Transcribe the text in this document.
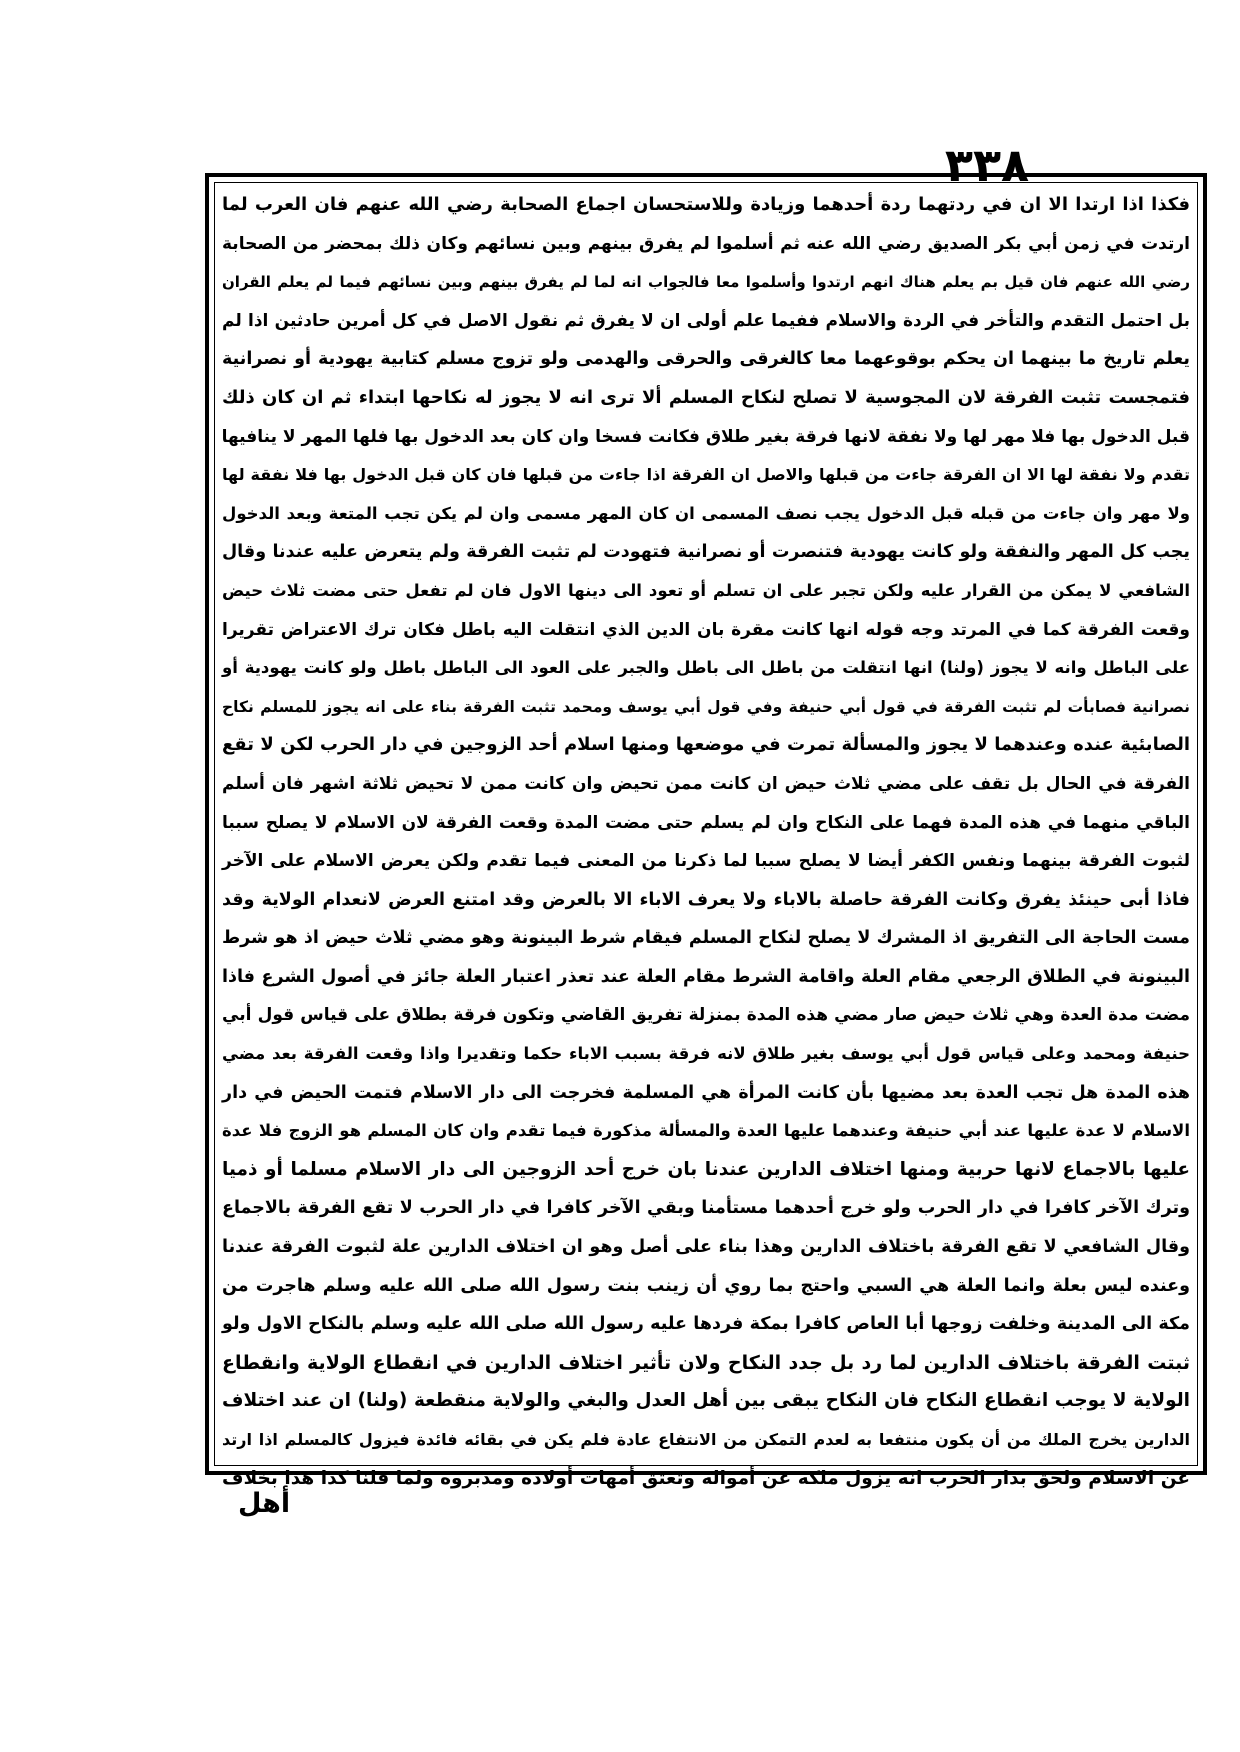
٣٣٨
فكذا اذا ارتدا الا ان في ردتهما ردة أحدهما وزيادة وللاستحسان اجماع الصحابة رضي الله عنهم فان العرب لما
ارتدت في زمن أبي بكر الصديق رضي الله عنه ثم أسلموا لم يفرق بينهم وبين نسائهم وكان ذلك بمحضر من الصحابة
رضي الله عنهم فان قيل بم يعلم هناك انهم ارتدوا وأسلموا معا فالجواب انه لما لم يفرق بينهم وبين نسائهم فيما لم يعلم القران
بل احتمل التقدم والتأخر في الردة والاسلام ففيما علم أولى ان لا يفرق ثم نقول الاصل في كل أمرين حادثين اذا لم
يعلم تاريخ ما بينهما ان يحكم بوقوعهما معا كالغرقى والحرقى والهدمى ولو تزوج مسلم كتابية يهودية أو نصرانية
فتمجست تثبت الفرقة لان المجوسية لا تصلح لنكاح المسلم ألا ترى انه لا يجوز له نكاحها ابتداء ثم ان كان ذلك
قبل الدخول بها فلا مهر لها ولا نفقة لانها فرقة بغير طلاق فكانت فسخا وان كان بعد الدخول بها فلها المهر لا ينافيها
تقدم ولا نفقة لها الا ان الفرقة جاءت من قبلها والاصل ان الفرقة اذا جاءت من قبلها فان كان قبل الدخول بها فلا نفقة لها
ولا مهر وان جاءت من قبله قبل الدخول يجب نصف المسمى ان كان المهر مسمى وان لم يكن تجب المتعة وبعد الدخول
يجب كل المهر والنفقة ولو كانت يهودية فتنصرت أو نصرانية فتهودت لم تثبت الفرقة ولم يتعرض عليه عندنا وقال
الشافعي لا يمكن من القرار عليه ولكن تجبر على ان تسلم أو تعود الى دينها الاول فان لم تفعل حتى مضت ثلاث حيض
وقعت الفرقة كما في المرتد وجه قوله انها كانت مقرة بان الدين الذي انتقلت اليه باطل فكان ترك الاعتراض تقريرا
على الباطل وانه لا يجوز (ولنا) انها انتقلت من باطل الى باطل والجبر على العود الى الباطل باطل ولو كانت يهودية أو
نصرانية فصابأت لم تثبت الفرقة في قول أبي حنيفة وفي قول أبي يوسف ومحمد تثبت الفرقة بناء على انه يجوز للمسلم نكاح
الصابئية عنده وعندهما لا يجوز والمسألة تمرت في موضعها ومنها اسلام أحد الزوجين في دار الحرب لكن لا تقع
الفرقة في الحال بل تقف على مضي ثلاث حيض ان كانت ممن تحيض وان كانت ممن لا تحيض ثلاثة اشهر فان أسلم
الباقي منهما في هذه المدة فهما على النكاح وان لم يسلم حتى مضت المدة وقعت الفرقة لان الاسلام لا يصلح سببا
لثبوت الفرقة بينهما ونفس الكفر أيضا لا يصلح سببا لما ذكرنا من المعنى فيما تقدم ولكن يعرض الاسلام على الآخر
فاذا أبى حينئذ يفرق وكانت الفرقة حاصلة بالاباء ولا يعرف الاباء الا بالعرض وقد امتنع العرض لانعدام الولاية وقد
مست الحاجة الى التفريق اذ المشرك لا يصلح لنكاح المسلم فيقام شرط البينونة وهو مضي ثلاث حيض اذ هو شرط
البينونة في الطلاق الرجعي مقام العلة واقامة الشرط مقام العلة عند تعذر اعتبار العلة جائز في أصول الشرع فاذا
مضت مدة العدة وهي ثلاث حيض صار مضي هذه المدة بمنزلة تفريق القاضي وتكون فرقة بطلاق على قياس قول أبي
حنيفة ومحمد وعلى قياس قول أبي يوسف بغير طلاق لانه فرقة بسبب الاباء حكما وتقديرا واذا وقعت الفرقة بعد مضي
هذه المدة هل تجب العدة بعد مضيها بأن كانت المرأة هي المسلمة فخرجت الى دار الاسلام فتمت الحيض في دار
الاسلام لا عدة عليها عند أبي حنيفة وعندهما عليها العدة والمسألة مذكورة فيما تقدم وان كان المسلم هو الزوج فلا عدة
عليها بالاجماع لانها حربية ومنها اختلاف الدارين عندنا بان خرج أحد الزوجين الى دار الاسلام مسلما أو ذميا
وترك الآخر كافرا في دار الحرب ولو خرج أحدهما مستأمنا وبقي الآخر كافرا في دار الحرب لا تقع الفرقة بالاجماع
وقال الشافعي لا تقع الفرقة باختلاف الدارين وهذا بناء على أصل وهو ان اختلاف الدارين علة لثبوت الفرقة عندنا
وعنده ليس بعلة وانما العلة هي السبي واحتج بما روي أن زينب بنت رسول الله صلى الله عليه وسلم هاجرت من
مكة الى المدينة وخلفت زوجها أبا العاص كافرا بمكة فردها عليه رسول الله صلى الله عليه وسلم بالنكاح الاول ولو
ثبتت الفرقة باختلاف الدارين لما رد بل جدد النكاح ولان تأثير اختلاف الدارين في انقطاع الولاية وانقطاع
الولاية لا يوجب انقطاع النكاح فان النكاح يبقى بين أهل العدل والبغي والولاية منقطعة (ولنا) ان عند اختلاف
الدارين يخرج الملك من أن يكون منتفعا به لعدم التمكن من الانتفاع عادة فلم يكن في بقائه فائدة فيزول كالمسلم اذا ارتد
عن الاسلام ولحق بدار الحرب انه يزول ملكه عن أمواله وتعتق أمهات أولاده ومدبروه ولما قلنا كذا هذا بخلاف
أهل
